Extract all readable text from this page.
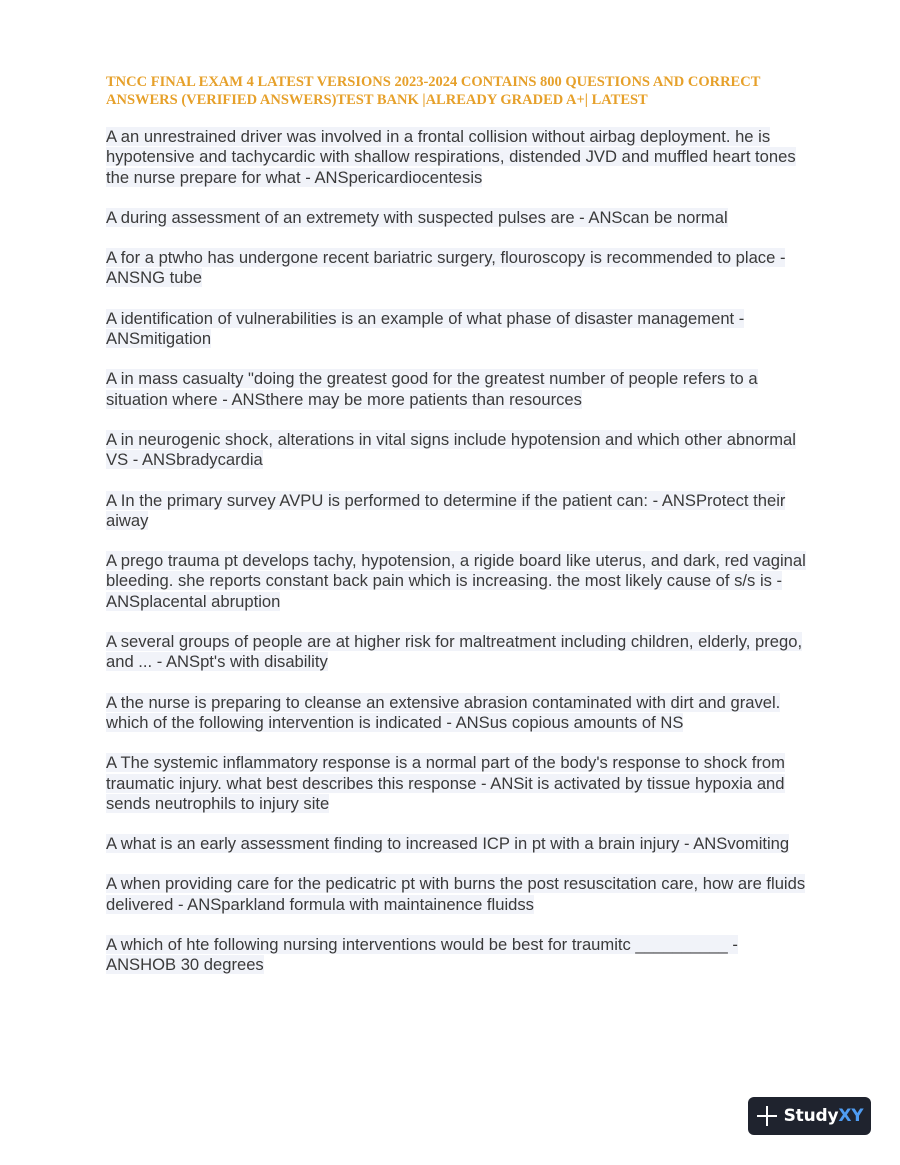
TNCC FINAL EXAM 4 LATEST VERSIONS 2023-2024 CONTAINS 800 QUESTIONS AND CORRECT ANSWERS (VERIFIED ANSWERS)TEST BANK |ALREADY GRADED A+| LATEST

A an unrestrained driver was involved in a frontal collision without airbag deployment. he is hypotensive and tachycardic with shallow respirations, distended JVD and muffled heart tones the nurse prepare for what - ANSpericardiocentesis

A during assessment of an extremety with suspected pulses are - ANScan be normal

A for a ptwho has undergone recent bariatric surgery, flouroscopy is recommended to place - ANSNG tube

A identification of vulnerabilities is an example of what phase of disaster management - ANSmitigation

A in mass casualty "doing the greatest good for the greatest number of people refers to a situation where - ANSthere may be more patients than resources

A in neurogenic shock, alterations in vital signs include hypotension and which other abnormal VS - ANSbradycardia

A In the primary survey AVPU is performed to determine if the patient can: - ANSProtect their aiway

A prego trauma pt develops tachy, hypotension, a rigide board like uterus, and dark, red vaginal bleeding. she reports constant back pain which is increasing. the most likely cause of s/s is - ANSplacental abruption

A several groups of people are at higher risk for maltreatment including children, elderly, prego, and ... - ANSpt's with disability

A the nurse is preparing to cleanse an extensive abrasion contaminated with dirt and gravel. which of the following intervention is indicated - ANSus copious amounts of NS

A The systemic inflammatory response is a normal part of the body's response to shock from traumatic injury. what best describes this response - ANSit is activated by tissue hypoxia and sends neutrophils to injury site

A what is an early assessment finding to increased ICP in pt with a brain injury - ANSvomiting

A when providing care for the pedicatric pt with burns the post resuscitation care, how are fluids delivered - ANSparkland formula with maintainence fluidss

A which of hte following nursing interventions would be best for traumitc __________ - ANSHOB 30 degrees

StudyXY
